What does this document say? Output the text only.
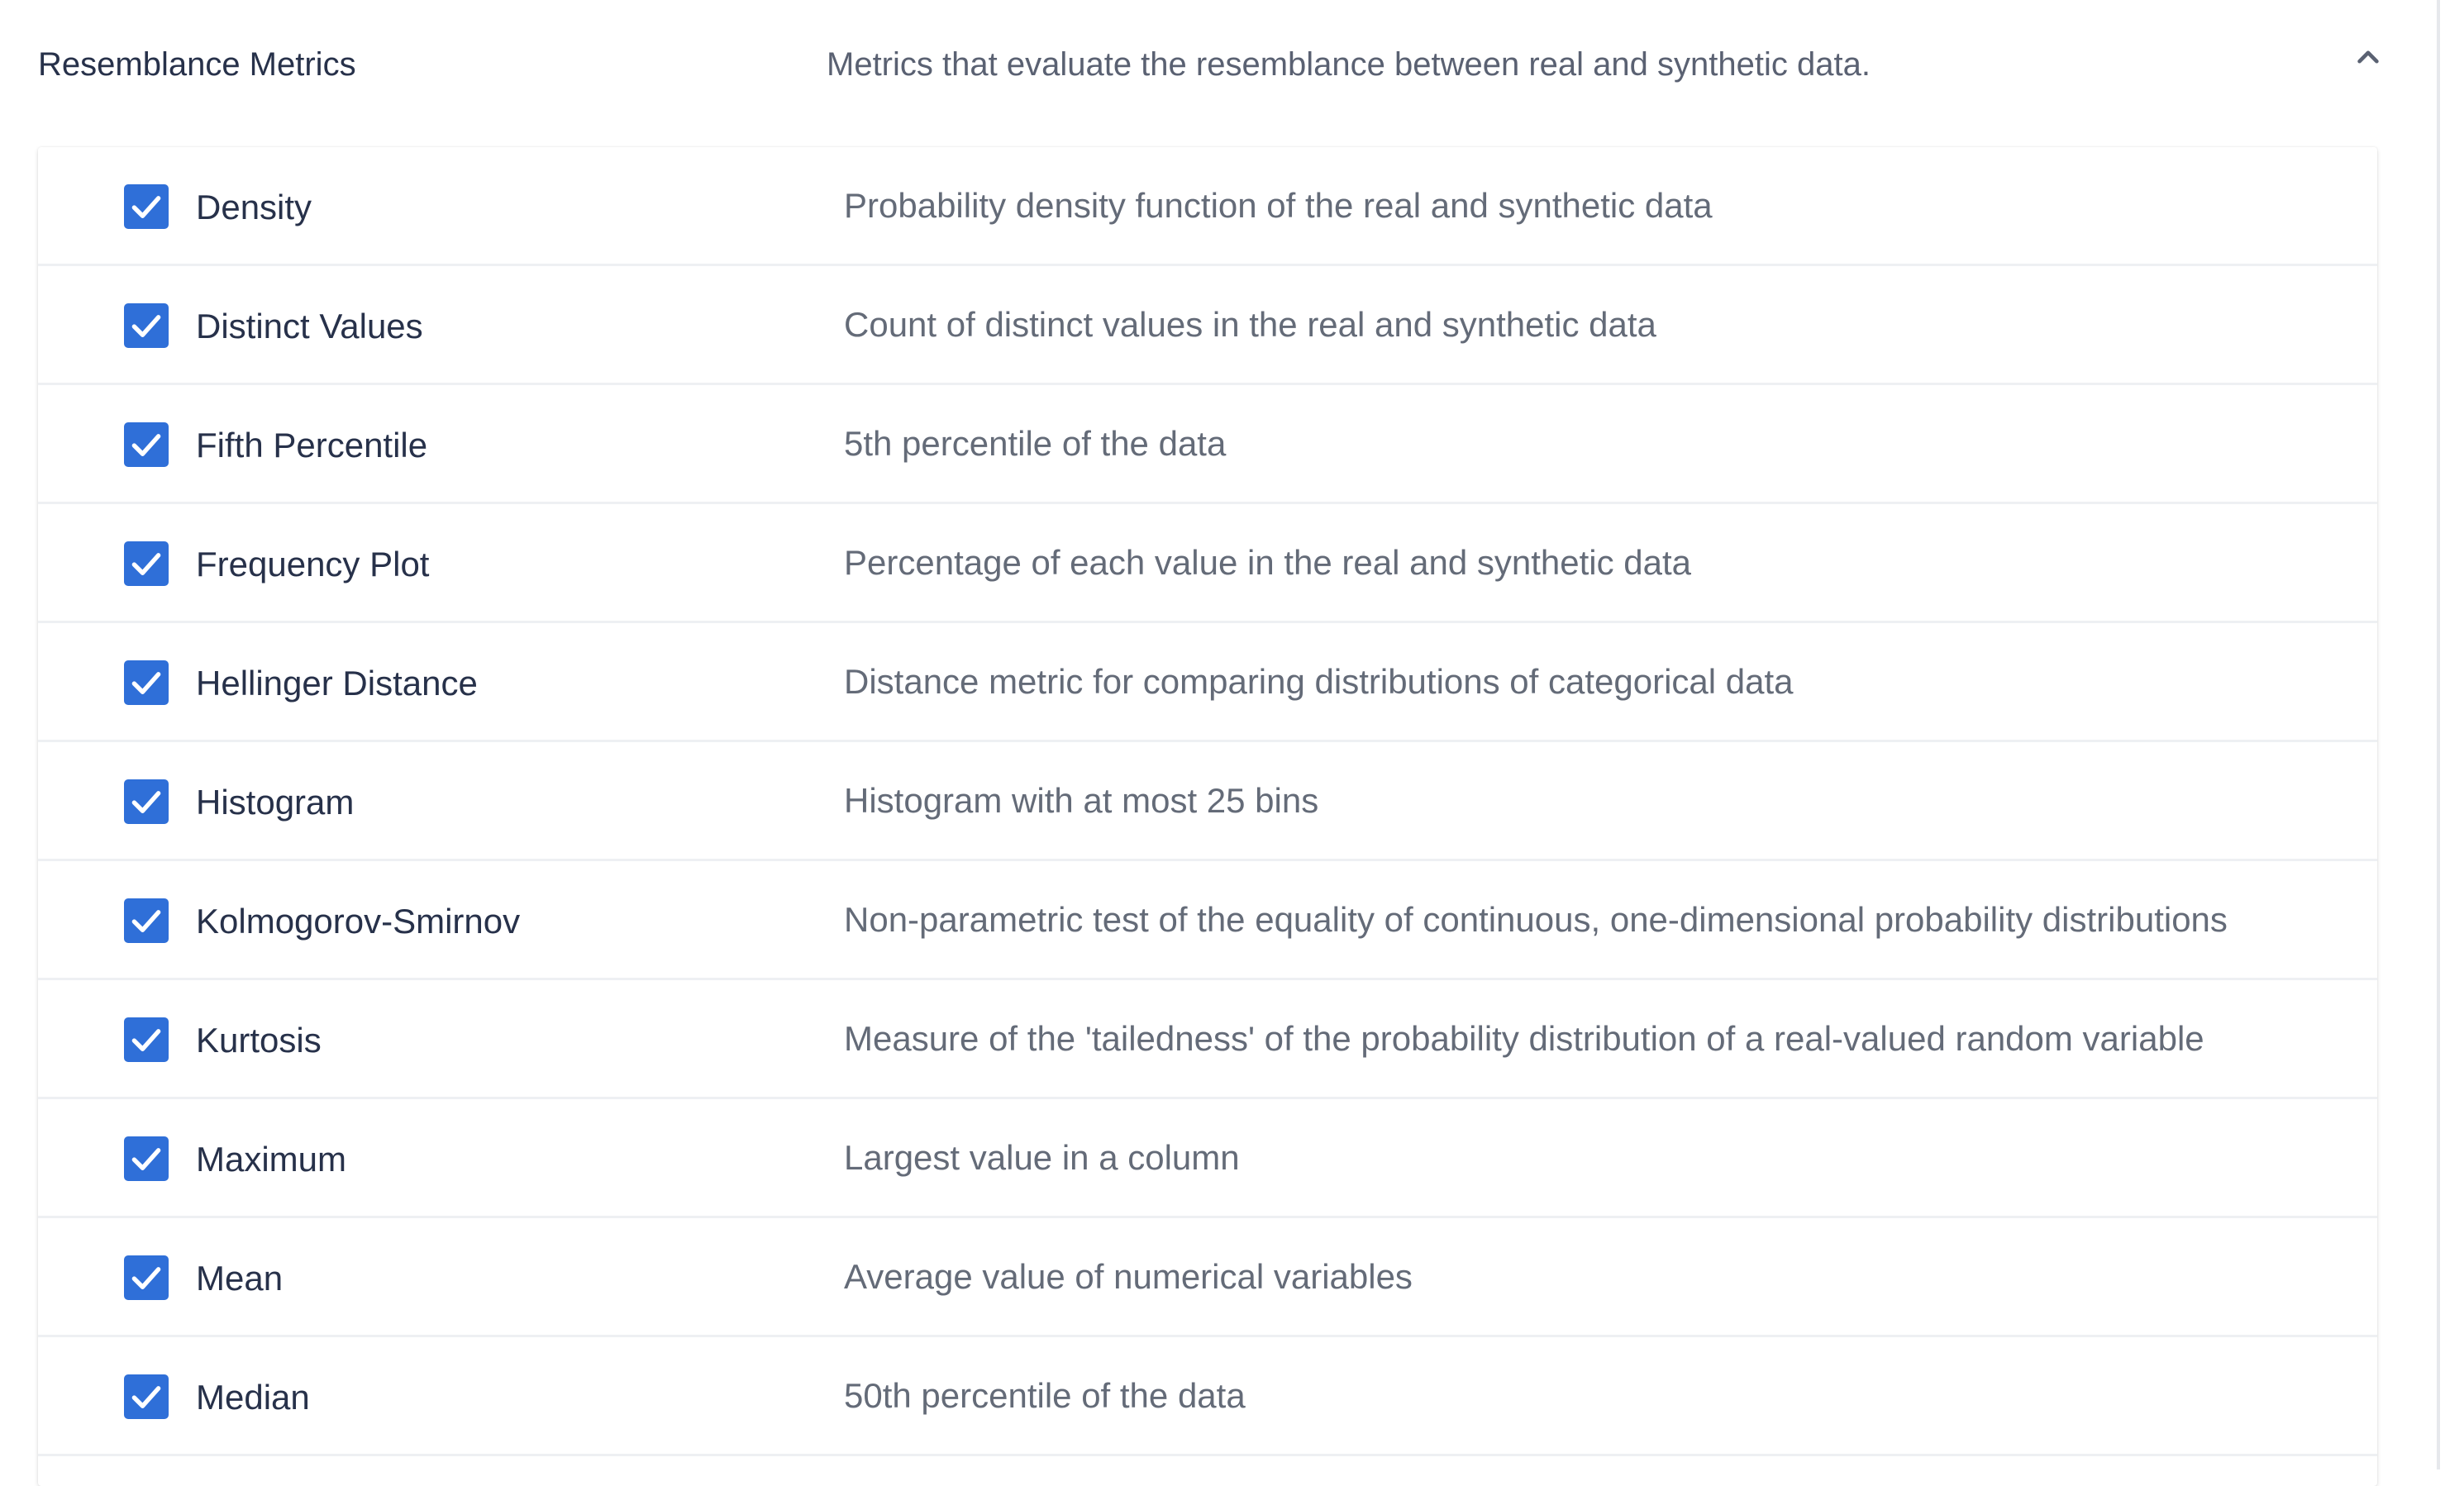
Resemblance Metrics	Metrics that evaluate the resemblance between real and synthetic data.
Density	Probability density function of the real and synthetic data
Distinct Values	Count of distinct values in the real and synthetic data
Fifth Percentile	5th percentile of the data
Frequency Plot	Percentage of each value in the real and synthetic data
Hellinger Distance	Distance metric for comparing distributions of categorical data
Histogram	Histogram with at most 25 bins
Kolmogorov-Smirnov	Non-parametric test of the equality of continuous, one-dimensional probability distributions
Kurtosis	Measure of the 'tailedness' of the probability distribution of a real-valued random variable
Maximum	Largest value in a column
Mean	Average value of numerical variables
Median	50th percentile of the data
